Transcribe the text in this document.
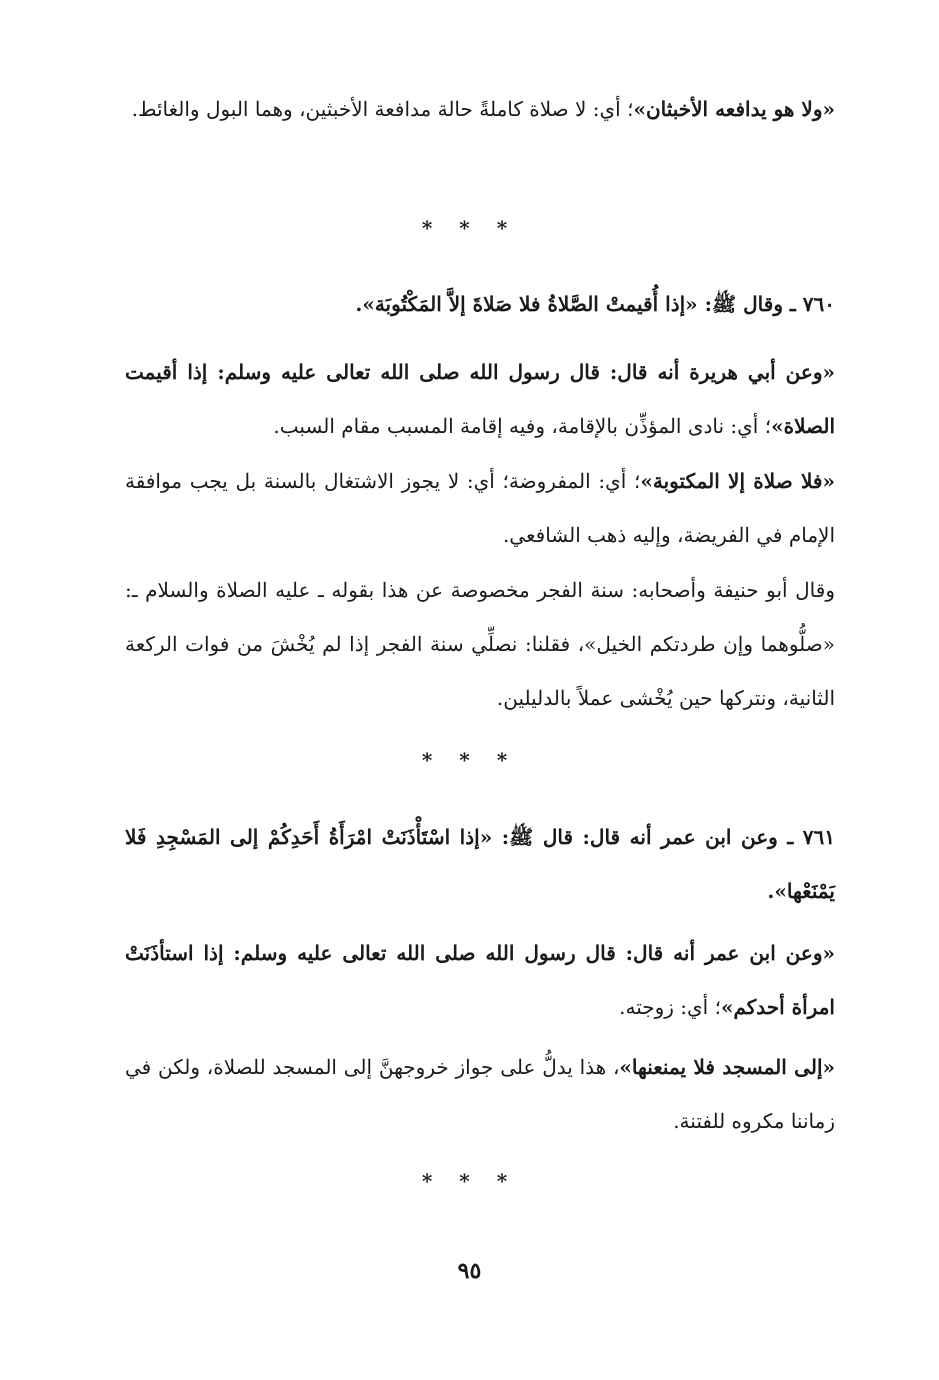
«ولا هو يدافعه الأخبثان»؛ أي: لا صلاة كاملةً حالة مدافعة الأخبثين، وهما البول والغائط.
* * *
٧٦٠ ـ وقال ﷺ: «إذا أُقيمتْ الصَّلاةُ فلا صَلاةَ إلاَّ المَكْتُوبَة».
«وعن أبي هريرة أنه قال: قال رسول الله صلى الله تعالى عليه وسلم: إذا أقيمت الصلاة»؛ أي: نادى المؤذِّن بالإقامة، وفيه إقامة المسبب مقام السبب.
«فلا صلاة إلا المكتوبة»؛ أي: المفروضة؛ أي: لا يجوز الاشتغال بالسنة بل يجب موافقة الإمام في الفريضة، وإليه ذهب الشافعي.
وقال أبو حنيفة وأصحابه: سنة الفجر مخصوصة عن هذا بقوله ـ عليه الصلاة والسلام ـ: «صلُّوهما وإن طردتكم الخيل»، فقلنا: نصلِّي سنة الفجر إذا لم يُخْشَ من فوات الركعة الثانية، ونتركها حين يُخْشى عملاً بالدليلين.
* * *
٧٦١ ـ وعن ابن عمر أنه قال: قال ﷺ: «إذا اسْتَأْذَنَتْ امْرَأَةُ أَحَدِكُمْ إلى المَسْجِدِ فَلا يَمْنَعْها».
«وعن ابن عمر أنه قال: قال رسول الله صلى الله تعالى عليه وسلم: إذا استأذَنَتْ امرأة أحدكم»؛ أي: زوجته.
«إلى المسجد فلا يمنعنها»، هذا يدلُّ على جواز خروجهنَّ إلى المسجد للصلاة، ولكن في زماننا مكروه للفتنة.
* * *
٩٥
